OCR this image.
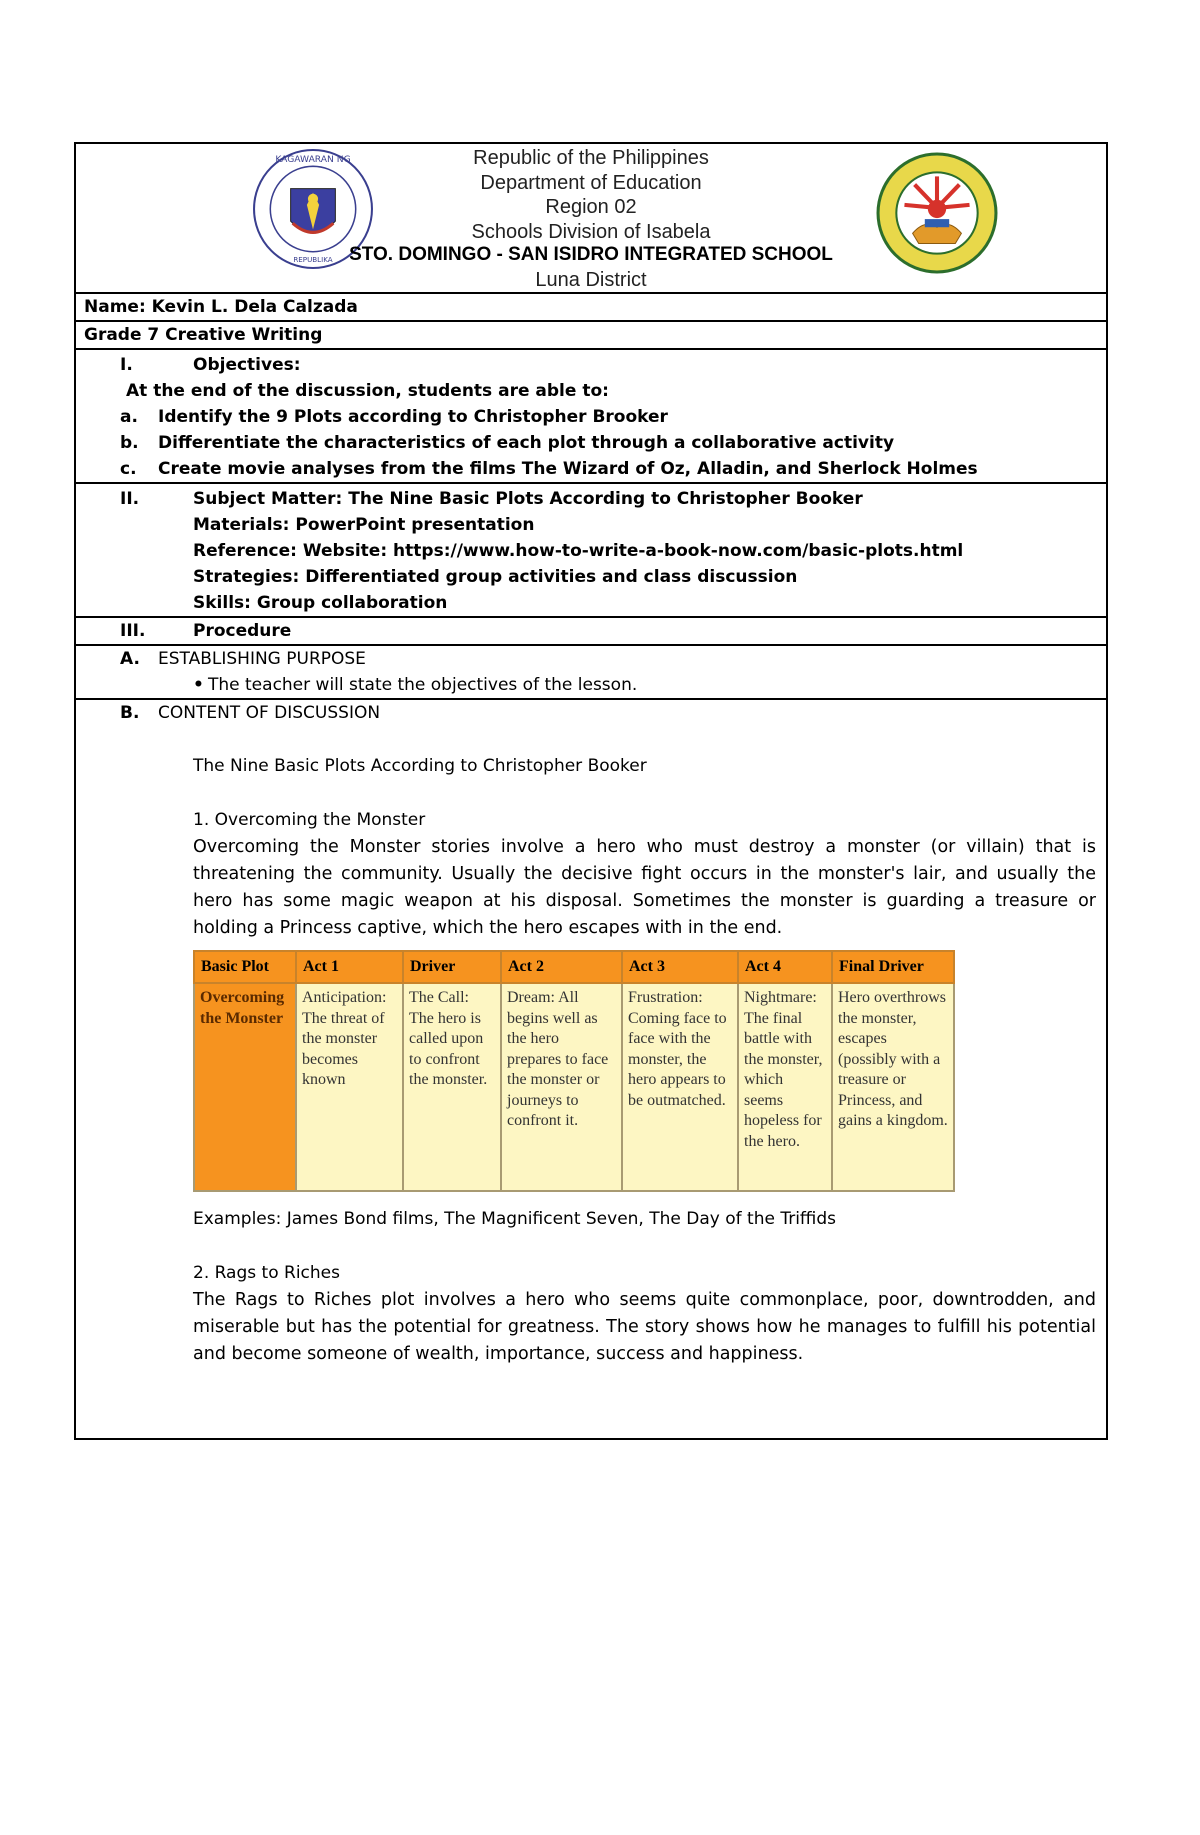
KAGAWARAN NG
REPUBLIKA
Republic of the Philippines
Department of Education
Region 02
Schools Division of Isabela
STO. DOMINGO - SAN ISIDRO INTEGRATED SCHOOL
Luna District
Name: Kevin L. Dela Calzada
Grade 7 Creative Writing
I.	Objectives:
At the end of the discussion, students are able to:
a. Identify the 9 Plots according to Christopher Brooker
b. Differentiate the characteristics of each plot through a collaborative activity
c. Create movie analyses from the films The Wizard of Oz, Alladin, and Sherlock Holmes
II.	Subject Matter: The Nine Basic Plots According to Christopher Booker
Materials: PowerPoint presentation
Reference: Website: https://www.how-to-write-a-book-now.com/basic-plots.html
Strategies: Differentiated group activities and class discussion
Skills: Group collaboration
III.	Procedure
A. ESTABLISHING PURPOSE
• The teacher will state the objectives of the lesson.
B. CONTENT OF DISCUSSION
The Nine Basic Plots According to Christopher Booker
1. Overcoming the Monster
Overcoming the Monster stories involve a hero who must destroy a monster (or villain) that is threatening the community. Usually the decisive fight occurs in the monster's lair, and usually the hero has some magic weapon at his disposal. Sometimes the monster is guarding a treasure or holding a Princess captive, which the hero escapes with in the end.
Basic Plot	Act 1	Driver	Act 2	Act 3	Act 4	Final Driver
Overcoming the Monster	Anticipation: The threat of the monster becomes known	The Call: The hero is called upon to confront the monster.	Dream: All begins well as the hero prepares to face the monster or journeys to confront it.	Frustration: Coming face to face with the monster, the hero appears to be outmatched.	Nightmare: The final battle with the monster, which seems hopeless for the hero.	Hero overthrows the monster, escapes (possibly with a treasure or Princess, and gains a kingdom.
Examples: James Bond films, The Magnificent Seven, The Day of the Triffids
2. Rags to Riches
The Rags to Riches plot involves a hero who seems quite commonplace, poor, downtrodden, and miserable but has the potential for greatness. The story shows how he manages to fulfill his potential and become someone of wealth, importance, success and happiness.
